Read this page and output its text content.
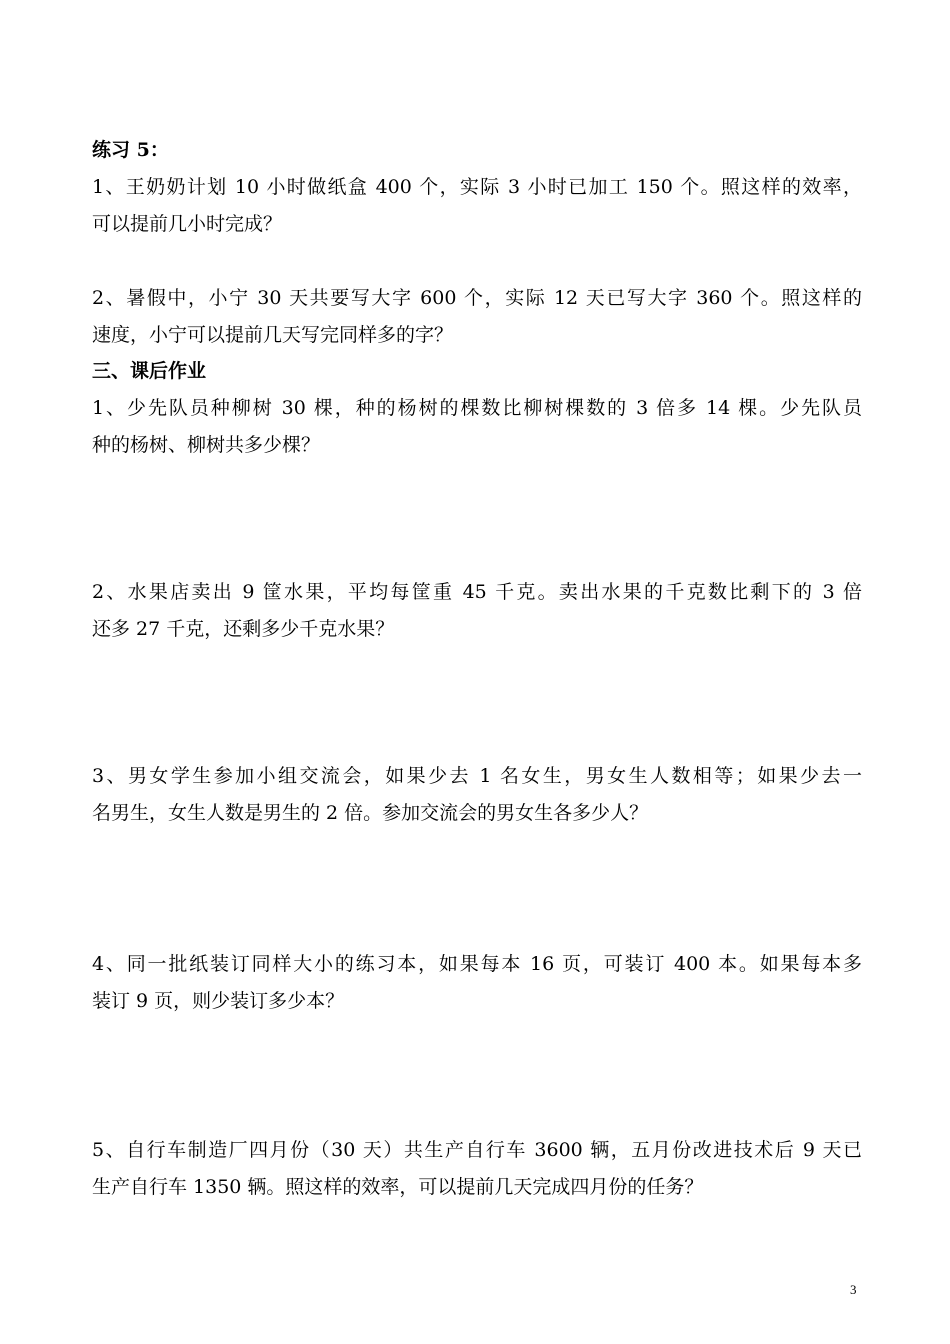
练习 5：
1、王奶奶计划 10 小时做纸盒 400 个，实际 3 小时已加工 150 个。照这样的效率，
可以提前几小时完成？
2、暑假中，小宁 30 天共要写大字 600 个，实际 12 天已写大字 360 个。照这样的
速度，小宁可以提前几天写完同样多的字？
三、课后作业
1、少先队员种柳树 30 棵，种的杨树的棵数比柳树棵数的 3 倍多 14 棵。少先队员
种的杨树、柳树共多少棵？
2、水果店卖出 9 筐水果，平均每筐重 45 千克。卖出水果的千克数比剩下的 3 倍
还多 27 千克，还剩多少千克水果？
3、男女学生参加小组交流会，如果少去 1 名女生，男女生人数相等；如果少去一
名男生，女生人数是男生的 2 倍。参加交流会的男女生各多少人？
4、同一批纸装订同样大小的练习本，如果每本 16 页，可装订 400 本。如果每本多
装订 9 页，则少装订多少本？
5、自行车制造厂四月份（30 天）共生产自行车 3600 辆，五月份改进技术后 9 天已
生产自行车 1350 辆。照这样的效率，可以提前几天完成四月份的任务？
3
